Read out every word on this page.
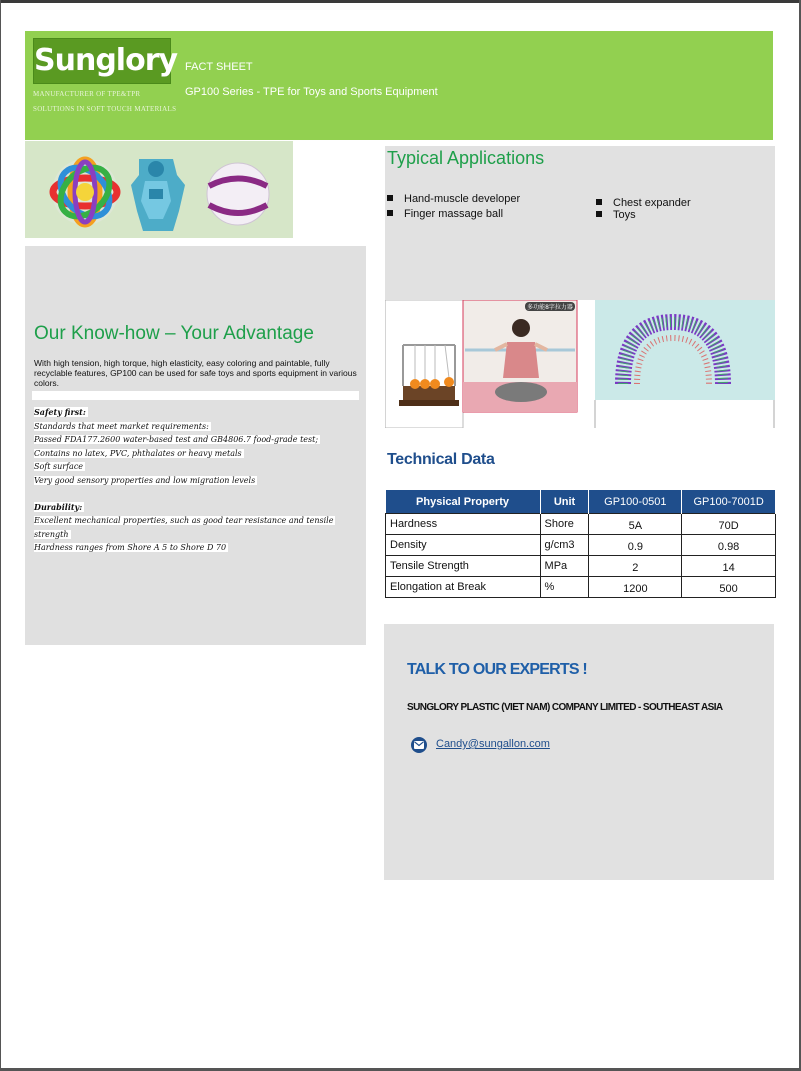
Sunglory
MANUFACTURER OF TPE&TPR
SOLUTIONS IN SOFT TOUCH MATERIALS
FACT SHEET
GP100 Series - TPE for Toys and Sports Equipment
Our Know-how – Your Advantage
With high tension, high torque, high elasticity, easy coloring and paintable, fully recyclable features, GP100 can be used for safe toys and sports equipment in various colors.
Safety first:
Standards that meet market requirements:
Passed FDA177.2600 water-based test and GB4806.7 food-grade test;
Contains no latex, PVC, phthalates or heavy metals
Soft surface
Very good sensory properties and low migration levels
Durability:
Excellent mechanical properties, such as good tear resistance and tensile
strength
Hardness ranges from Shore A 5 to Shore D 70
Typical Applications
Hand-muscle developer
Finger massage ball
Chest expander
Toys
多功能8字拉力器
Technical Data
Physical Property	Unit	GP100-0501	GP100-7001D
Hardness	Shore	5A	70D
Density	g/cm3	0.9	0.98
Tensile Strength	MPa	2	14
Elongation at Break	%	1200	500
TALK TO OUR EXPERTS !
SUNGLORY PLASTIC (VIET NAM) COMPANY LIMITED - SOUTHEAST ASIA
Candy@sungallon.com
